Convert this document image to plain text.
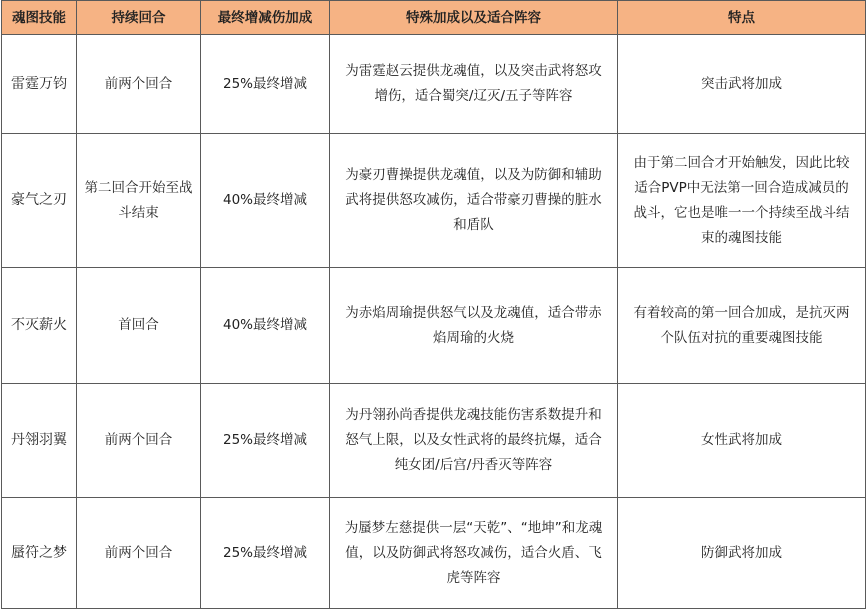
魂图技能	持续回合	最终增减伤加成	特殊加成以及适合阵容	特点
雷霆万钧	前两个回合	25%最终增减	为雷霆赵云提供龙魂值，以及突击武将怒攻增伤，适合蜀突/辽灭/五子等阵容	突击武将加成
豪气之刃	第二回合开始至战斗结束	40%最终增减	为豪刃曹操提供龙魂值，以及为防御和辅助武将提供怒攻减伤，适合带豪刃曹操的脏水和盾队	由于第二回合才开始触发，因此比较适合PVP中无法第一回合造成减员的战斗，它也是唯一一个持续至战斗结束的魂图技能
不灭薪火	首回合	40%最终增减	为赤焰周瑜提供怒气以及龙魂值，适合带赤焰周瑜的火烧	有着较高的第一回合加成，是抗灭两个队伍对抗的重要魂图技能
丹翎羽翼	前两个回合	25%最终增减	为丹翎孙尚香提供龙魂技能伤害系数提升和怒气上限，以及女性武将的最终抗爆，适合纯女团/后宫/丹香灭等阵容	女性武将加成
蜃符之梦	前两个回合	25%最终增减	为蜃梦左慈提供一层“天乾”、“地坤”和龙魂值，以及防御武将怒攻减伤，适合火盾、飞虎等阵容	防御武将加成
